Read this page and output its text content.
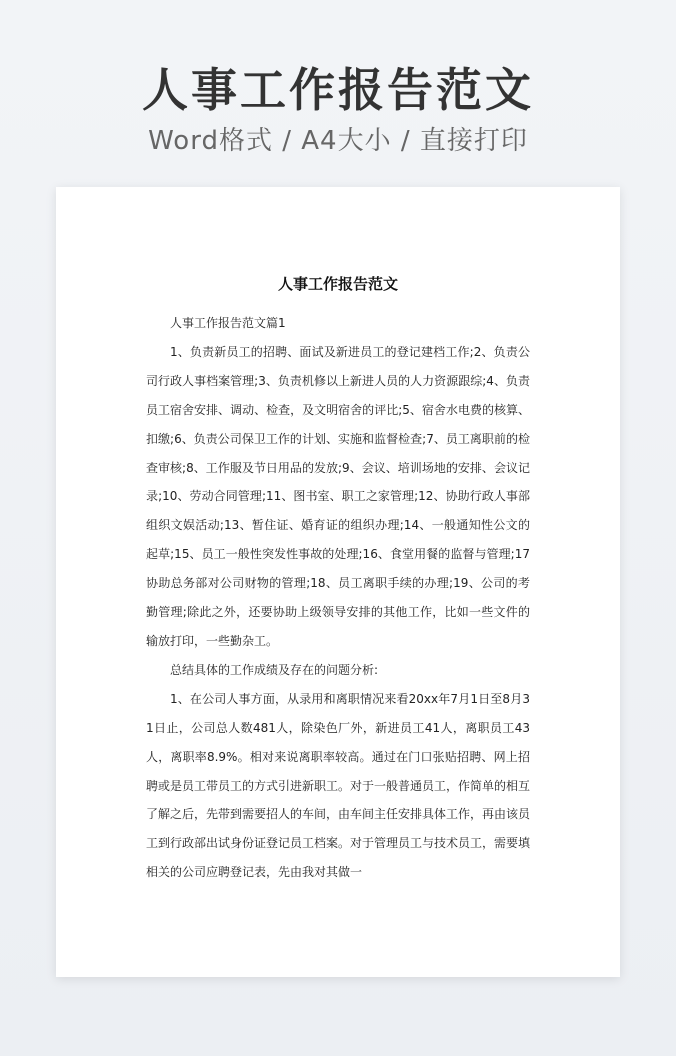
人事工作报告范文
Word格式 / A4大小 / 直接打印
人事工作报告范文

人事工作报告范文篇1

1、负责新员工的招聘、面试及新进员工的登记建档工作;2、负责公司行政人事档案管理;3、负责机修以上新进人员的人力资源跟综;4、负责员工宿舍安排、调动、检查，及文明宿舍的评比;5、宿舍水电费的核算、扣缴;6、负责公司保卫工作的计划、实施和监督检查;7、员工离职前的检查审核;8、工作服及节日用品的发放;9、会议、培训场地的安排、会议记录;10、劳动合同管理;11、图书室、职工之家管理;12、协助行政人事部组织文娱活动;13、暂住证、婚育证的组织办理;14、一般通知性公文的起草;15、员工一般性突发性事故的处理;16、食堂用餐的监督与管理;17协助总务部对公司财物的管理;18、员工离职手续的办理;19、公司的考勤管理;除此之外，还要协助上级领导安排的其他工作，比如一些文件的输放打印，一些勤杂工。

总结具体的工作成绩及存在的问题分析:

1、在公司人事方面，从录用和离职情况来看20xx年7月1日至8月31日止，公司总人数481人，除染色厂外，新进员工41人，离职员工43人，离职率8.9%。相对来说离职率较高。通过在门口张贴招聘、网上招聘或是员工带员工的方式引进新职工。对于一般普通员工，作简单的相互了解之后，先带到需要招人的车间，由车间主任安排具体工作，再由该员工到行政部出试身份证登记员工档案。对于管理员工与技术员工，需要填相关的公司应聘登记表，先由我对其做一
